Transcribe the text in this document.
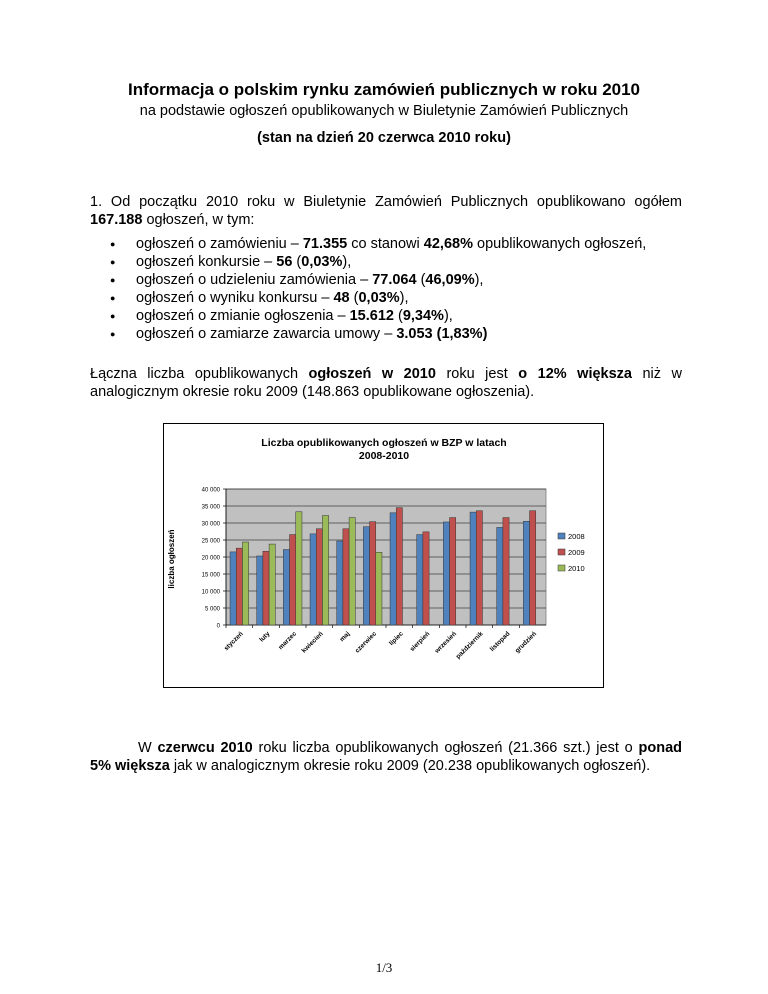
Informacja o polskim rynku zamówień publicznych w roku 2010
na podstawie ogłoszeń opublikowanych w Biuletynie Zamówień Publicznych
(stan na dzień 20 czerwca 2010 roku)
1. Od początku 2010 roku w Biuletynie Zamówień Publicznych opublikowano ogółem 167.188 ogłoszeń, w tym:
● ogłoszeń o zamówieniu – 71.355 co stanowi 42,68% opublikowanych ogłoszeń,
● ogłoszeń konkursie – 56 (0,03%),
● ogłoszeń o udzieleniu zamówienia – 77.064 (46,09%),
● ogłoszeń o wyniku konkursu – 48 (0,03%),
● ogłoszeń o zmianie ogłoszenia – 15.612 (9,34%),
● ogłoszeń o zamiarze zawarcia umowy – 3.053 (1,83%)
Łączna liczba opublikowanych ogłoszeń w 2010 roku jest o 12% większa niż w analogicznym okresie roku 2009 (148.863 opublikowane ogłoszenia).
Liczba opublikowanych ogłoszeń w BZP w latach
2008-2010
liczba ogłoszeń
0
5 000
10 000
15 000
20 000
25 000
30 000
35 000
40 000
styczeń luty marzec kwiecień maj czerwiec lipiec sierpień wrzesień
październik listopad grudzień
2008
2009
2010
W czerwcu 2010 roku liczba opublikowanych ogłoszeń (21.366 szt.) jest o ponad 5% większa jak w analogicznym okresie roku 2009 (20.238 opublikowanych ogłoszeń).
1/3
